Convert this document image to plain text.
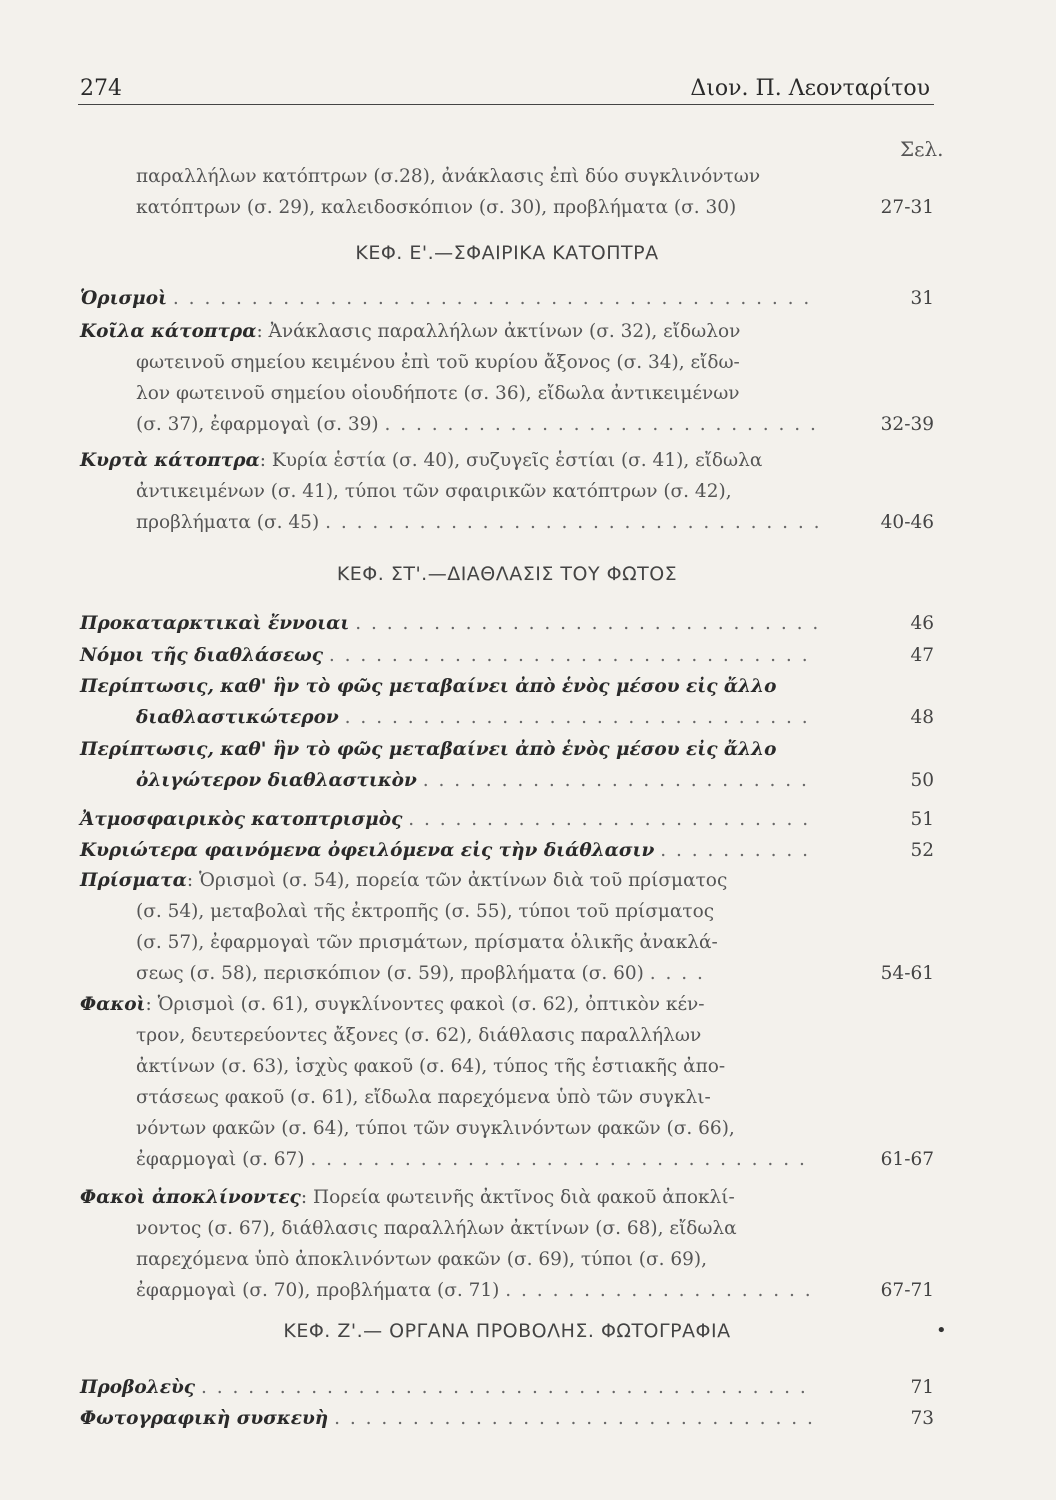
274	Διον. Π. Λεονταρίτου
Σελ.
παραλλήλων κατόπτρων (σ.28), ἀνάκλασις ἐπὶ δύο συγκλινόντων
κατόπτρων (σ. 29), καλειδοσκόπιον (σ. 30), προβλήματα (σ. 30)	27-31
ΚΕΦ. Ε'.—ΣΦΑΙΡΙΚΑ ΚΑΤΟΠΤΡΑ
Ὁρισμοὶ . . . . . . . . . . . . . . . . . . . . . . . . . . . . . . . . . . . . . . . . .	31
Κοῖλα κάτοπτρα: Ἀνάκλασις παραλλήλων ἀκτίνων (σ. 32), εἴδωλον
φωτεινοῦ σημείου κειμένου ἐπὶ τοῦ κυρίου ἄξονος (σ. 34), εἴδω-
λον φωτεινοῦ σημείου οἱουδήποτε (σ. 36), εἴδωλα ἀντικειμένων
(σ. 37), ἐφαρμογαὶ (σ. 39) . . . . . . . . . . . . . . . . . . . . . . . . . . . .	32-39
Κυρτὰ κάτοπτρα: Κυρία ἑστία (σ. 40), συζυγεῖς ἑστίαι (σ. 41), εἴδωλα
ἀντικειμένων (σ. 41), τύποι τῶν σφαιρικῶν κατόπτρων (σ. 42),
προβλήματα (σ. 45) . . . . . . . . . . . . . . . . . . . . . . . . . . . . . . . .	40-46
ΚΕΦ. ΣΤ'.—ΔΙΑΘΛΑΣΙΣ ΤΟΥ ΦΩΤΟΣ
Προκαταρκτικαὶ ἔννοιαι . . . . . . . . . . . . . . . . . . . . . . . . . . . . . .	46
Νόμοι τῆς διαθλάσεως . . . . . . . . . . . . . . . . . . . . . . . . . . . . . . .	47
Περίπτωσις, καθ' ἣν τὸ φῶς μεταβαίνει ἀπὸ ἑνὸς μέσου εἰς ἄλλο
διαθλαστικώτερον . . . . . . . . . . . . . . . . . . . . . . . . . . . . . .	48
Περίπτωσις, καθ' ἣν τὸ φῶς μεταβαίνει ἀπὸ ἑνὸς μέσου εἰς ἄλλο
ὀλιγώτερον διαθλαστικὸν . . . . . . . . . . . . . . . . . . . . . . . . .	50
Ἀτμοσφαιρικὸς κατοπτρισμὸς . . . . . . . . . . . . . . . . . . . . . . . . . .	51
Κυριώτερα φαινόμενα ὀφειλόμενα εἰς τὴν διάθλασιν . . . . . . . . . .	52
Πρίσματα: Ὁρισμοὶ (σ. 54), πορεία τῶν ἀκτίνων διὰ τοῦ πρίσματος
(σ. 54), μεταβολαὶ τῆς ἐκτροπῆς (σ. 55), τύποι τοῦ πρίσματος
(σ. 57), ἐφαρμογαὶ τῶν πρισμάτων, πρίσματα ὁλικῆς ἀνακλά-
σεως (σ. 58), περισκόπιον (σ. 59), προβλήματα (σ. 60) . . . .	54-61
Φακοὶ: Ὁρισμοὶ (σ. 61), συγκλίνοντες φακοὶ (σ. 62), ὀπτικὸν κέν-
τρον, δευτερεύοντες ἄξονες (σ. 62), διάθλασις παραλλήλων
ἀκτίνων (σ. 63), ἰσχὺς φακοῦ (σ. 64), τύπος τῆς ἑστιακῆς ἀπο-
στάσεως φακοῦ (σ. 61), εἴδωλα παρεχόμενα ὑπὸ τῶν συγκλι-
νόντων φακῶν (σ. 64), τύποι τῶν συγκλινόντων φακῶν (σ. 66),
ἐφαρμογαὶ (σ. 67) . . . . . . . . . . . . . . . . . . . . . . . . . . . . . . . .	61-67
Φακοὶ ἀποκλίνοντες: Πορεία φωτεινῆς ἀκτῖνος διὰ φακοῦ ἀποκλί-
νοντος (σ. 67), διάθλασις παραλλήλων ἀκτίνων (σ. 68), εἴδωλα
παρεχόμενα ὑπὸ ἀποκλινόντων φακῶν (σ. 69), τύποι (σ. 69),
ἐφαρμογαὶ (σ. 70), προβλήματα (σ. 71) . . . . . . . . . . . . . . . . . . . .	67-71
ΚΕΦ. Ζ'.— ΟΡΓΑΝΑ ΠΡΟΒΟΛΗΣ. ΦΩΤΟΓΡΑΦΙΑ	•
Προβολεὺς . . . . . . . . . . . . . . . . . . . . . . . . . . . . . . . . . . . . . . .	71
Φωτογραφικὴ συσκευὴ . . . . . . . . . . . . . . . . . . . . . . . . . . . . . . .	73
